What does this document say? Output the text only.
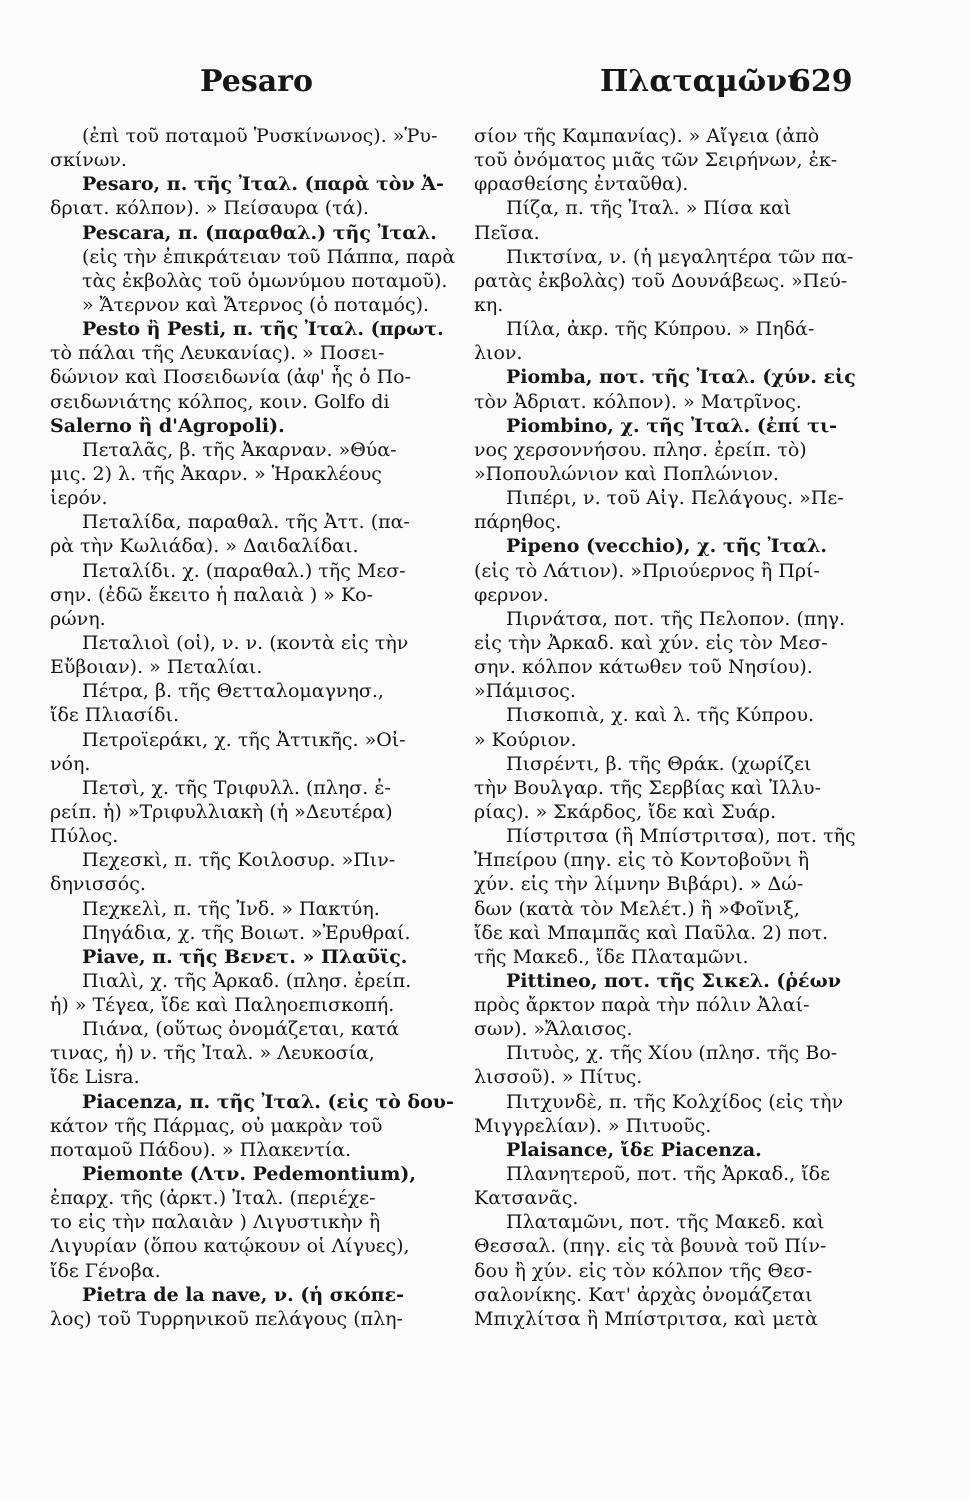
Pesaro	Πλαταμῶνι
629
(ἐπὶ τοῦ ποταμοῦ Ῥυσκίνωνος). »Ῥυ-
σκίνων.
Pesaro, π. τῆς Ἰταλ. (παρὰ τὸν Ἀ-
δριατ. κόλπον). » Πείσαυρα (τά).
Pescara, π. (παραθαλ.) τῆς Ἰταλ.
(εἰς τὴν ἐπικράτειαν τοῦ Πάππα, παρὰ
τὰς ἐκβολὰς τοῦ ὁμωνύμου ποταμοῦ).
» Ἄτερνον καὶ Ἄτερνος (ὁ ποταμός).
Pesto ἢ Pesti, π. τῆς Ἰταλ. (πρωτ.
τὸ πάλαι τῆς Λευκανίας). » Ποσει-
δώνιον καὶ Ποσειδωνία (ἀφ' ἧς ὁ Πο-
σειδωνιάτης κόλπος, κοιν. Golfo di
Salerno ἢ d'Agropoli).
Πεταλᾶς, β. τῆς Ἀκαρναν. »Θύα-
μις. 2) λ. τῆς Ἀκαρν. » Ἡρακλέους
ἱερόν.
Πεταλίδα, παραθαλ. τῆς Ἀττ. (πα-
ρὰ τὴν Κωλιάδα). » Δαιδαλίδαι.
Πεταλίδι. χ. (παραθαλ.) τῆς Μεσ-
σην. (ἐδῶ ἔκειτο ἡ παλαιὰ ) » Κο-
ρώνη.
Πεταλιοὶ (οἱ), ν. ν. (κοντὰ εἰς τὴν
Εὔβοιαν). » Πεταλίαι.
Πέτρα, β. τῆς Θετταλομαγνησ.,
ἴδε Πλιασίδι.
Πετροϊεράκι, χ. τῆς Ἀττικῆς. »Οἰ-
νόη.
Πετσὶ, χ. τῆς Τριφυλλ. (πλησ. ἐ-
ρείπ. ἡ) »Τριφυλλιακὴ (ἡ »Δευτέρα)
Πύλος.
Πεχεσκὶ, π. τῆς Κοιλοσυρ. »Πιν-
δηνισσός.
Πεχκελὶ, π. τῆς Ἰνδ. » Πακτύη.
Πηγάδια, χ. τῆς Βοιωτ. »Ἐρυθραί.
Piave, π. τῆς Βενετ. » Πλαῦϊς.
Πιαλὶ, χ. τῆς Ἀρκαδ. (πλησ. ἐρείπ.
ἡ) » Τέγεα, ἴδε καὶ Παληοεπισκοπή.
Πιάνα, (οὕτως ὀνομάζεται, κατά
τινας, ἡ) ν. τῆς Ἰταλ. » Λευκοσία,
ἴδε Lisra.
Piacenza, π. τῆς Ἰταλ. (εἰς τὸ δου-
κάτον τῆς Πάρμας, οὐ μακρὰν τοῦ
ποταμοῦ Πάδου). » Πλακεντία.
Piemonte (Λτν. Pedemontium),
ἐπαρχ. τῆς (ἀρκτ.) Ἰταλ. (περιέχε-
το εἰς τὴν παλαιὰν ) Λιγυστικὴν ἢ
Λιγυρίαν (ὅπου κατῴκουν οἱ Λίγυες),
ἴδε Γένοβα.
Pietra de la nave, ν. (ἡ σκόπε-
λος) τοῦ Τυρρηνικοῦ πελάγους (πλη-
σίον τῆς Καμπανίας). » Αἴγεια (ἀπὸ
τοῦ ὀνόματος μιᾶς τῶν Σειρήνων, ἐκ-
φρασθείσης ἐνταῦθα).
Πίζα, π. τῆς Ἰταλ. » Πίσα καὶ
Πεῖσα.
Πικτσίνα, ν. (ἡ μεγαλητέρα τῶν πα-
ρατὰς ἐκβολὰς) τοῦ Δουνάβεως. »Πεύ-
κη.
Πίλα, ἀκρ. τῆς Κύπρου. » Πηδά-
λιον.
Piomba, ποτ. τῆς Ἰταλ. (χύν. εἰς
τὸν Ἀδριατ. κόλπον). » Ματρῖνος.
Piombino, χ. τῆς Ἰταλ. (ἐπί τι-
νος χερσοννήσου. πλησ. ἐρείπ. τὸ)
»Ποπουλώνιον καὶ Ποπλώνιον.
Πιπέρι, ν. τοῦ Αἰγ. Πελάγους. »Πε-
πάρηθος.
Pipeno (vecchio), χ. τῆς Ἰταλ.
(εἰς τὸ Λάτιον). »Πριούερνος ἢ Πρί-
φερνον.
Πιρνάτσα, ποτ. τῆς Πελοπον. (πηγ.
εἰς τὴν Ἀρκαδ. καὶ χύν. εἰς τὸν Μεσ-
σην. κόλπον κάτωθεν τοῦ Νησίου).
»Πάμισος.
Πισκοπιὰ, χ. καὶ λ. τῆς Κύπρου.
» Κούριον.
Πισρέντι, β. τῆς Θράκ. (χωρίζει
τὴν Βουλγαρ. τῆς Σερβίας καὶ Ἰλλυ-
ρίας). » Σκάρδος, ἴδε καὶ Συάρ.
Πίστριτσα (ἢ Μπίστριτσα), ποτ. τῆς
Ἠπείρου (πηγ. εἰς τὸ Κοντοβοῦνι ἢ
χύν. εἰς τὴν λίμνην Βιβάρι). » Δώ-
δων (κατὰ τὸν Μελέτ.) ἢ »Φοῖνιξ,
ἴδε καὶ Μπαμπᾶς καὶ Παῦλα. 2) ποτ.
τῆς Μακεδ., ἴδε Πλαταμῶνι.
Pittineo, ποτ. τῆς Σικελ. (ῥέων
πρὸς ἄρκτον παρὰ τὴν πόλιν Ἀλαί-
σων). »Ἄλαισος.
Πιτυὸς, χ. τῆς Χίου (πλησ. τῆς Βο-
λισσοῦ). » Πίτυς.
Πιτχυνδὲ, π. τῆς Κολχίδος (εἰς τὴν
Μιγγρελίαν). » Πιτυοῦς.
Plaisance, ἴδε Piacenza.
Πλανητεροῦ, ποτ. τῆς Ἀρκαδ., ἴδε
Κατσανᾶς.
Πλαταμῶνι, ποτ. τῆς Μακεδ. καὶ
Θεσσαλ. (πηγ. εἰς τὰ βουνὰ τοῦ Πίν-
δου ἢ χύν. εἰς τὸν κόλπον τῆς Θεσ-
σαλονίκης. Κατ' ἀρχὰς ὀνομάζεται
Μπιχλίτσα ἢ Μπίστριτσα, καὶ μετὰ
